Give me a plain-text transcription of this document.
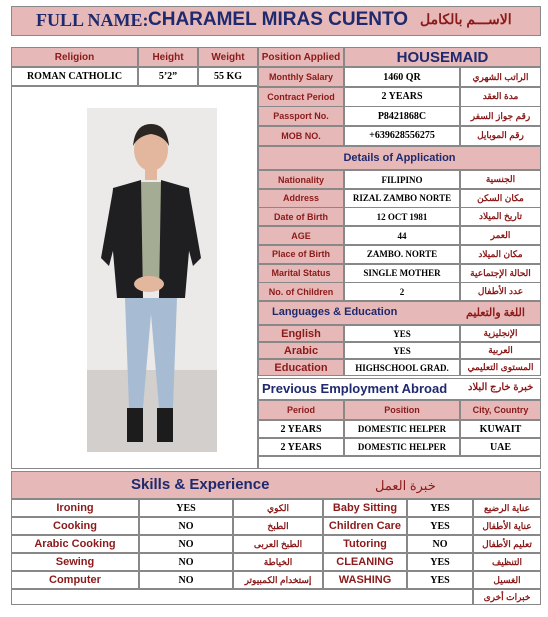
FULL NAME: CHARAMEL MIRAS CUENTO الاســـم بالكامل
Religion	Height	Weight	Position Applied	HOUSEMAID
ROMAN CATHOLIC	5’2”	55 KG	Monthly Salary	1460 QR	الراتب الشهري
Contract Period	2 YEARS	مدة العقد
Passport No.	P8421868C	رقم جواز السفر
MOB NO.	+639628556275	رقم الموبايل
Details of Application
Nationality	FILIPINO	الجنسية
Address	RIZAL ZAMBO NORTE	مكان السكن
Date of Birth	12 OCT 1981	تاريخ الميلاد
AGE	44	العمر
Place of Birth	ZAMBO. NORTE	مكان الميلاد
Marital Status	SINGLE MOTHER	الحالة الإجتماعية
No. of Children	2	عدد الأطفال
Languages & Education	اللغة والتعليم
English	YES	الإنجليزية
Arabic	YES	العربية
Education	HIGHSCHOOL GRAD.	المستوى التعليمي
Previous Employment Abroad خبرة خارج البلاد
Period	Position	City, Country
2 YEARS	DOMESTIC HELPER	KUWAIT
2 YEARS	DOMESTIC HELPER	UAE
Skills & Experience	خبرة العمل
Ironing	YES	الكوي	Baby Sitting	YES	عناية الرضيع
Cooking	NO	الطبخ	Children Care	YES	عناية الأطفال
Arabic Cooking	NO	الطبخ العربى	Tutoring	NO	تعليم الأطفال
Sewing	NO	الخياطة	CLEANING	YES	التنظيف
Computer	NO	إستخدام الكمبيوتر	WASHING	YES	الغسيل
خبرات أخرى
